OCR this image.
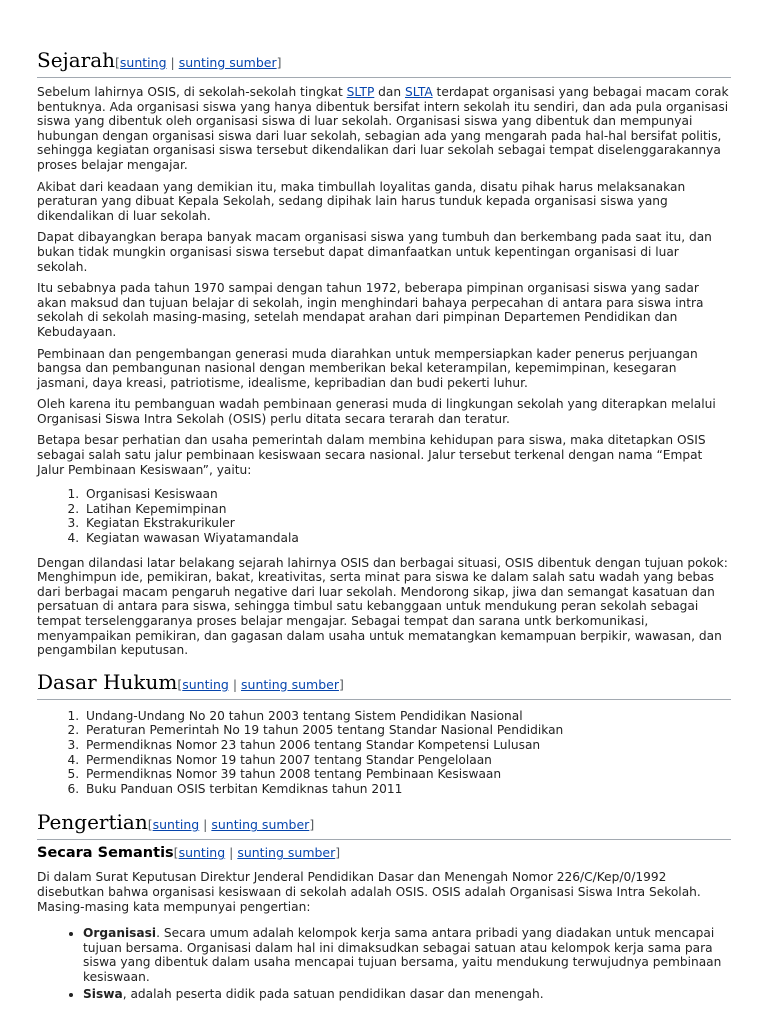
Sejarah[sunting | sunting sumber]

Sebelum lahirnya OSIS, di sekolah-sekolah tingkat SLTP dan SLTA terdapat organisasi yang bebagai macam corak bentuknya. Ada organisasi siswa yang hanya dibentuk bersifat intern sekolah itu sendiri, dan ada pula organisasi siswa yang dibentuk oleh organisasi siswa di luar sekolah. Organisasi siswa yang dibentuk dan mempunyai hubungan dengan organisasi siswa dari luar sekolah, sebagian ada yang mengarah pada hal-hal bersifat politis, sehingga kegiatan organisasi siswa tersebut dikendalikan dari luar sekolah sebagai tempat diselenggarakannya proses belajar mengajar.

Akibat dari keadaan yang demikian itu, maka timbullah loyalitas ganda, disatu pihak harus melaksanakan peraturan yang dibuat Kepala Sekolah, sedang dipihak lain harus tunduk kepada organisasi siswa yang dikendalikan di luar sekolah.

Dapat dibayangkan berapa banyak macam organisasi siswa yang tumbuh dan berkembang pada saat itu, dan bukan tidak mungkin organisasi siswa tersebut dapat dimanfaatkan untuk kepentingan organisasi di luar sekolah.

Itu sebabnya pada tahun 1970 sampai dengan tahun 1972, beberapa pimpinan organisasi siswa yang sadar akan maksud dan tujuan belajar di sekolah, ingin menghindari bahaya perpecahan di antara para siswa intra sekolah di sekolah masing-masing, setelah mendapat arahan dari pimpinan Departemen Pendidikan dan Kebudayaan.

Pembinaan dan pengembangan generasi muda diarahkan untuk mempersiapkan kader penerus perjuangan bangsa dan pembangunan nasional dengan memberikan bekal keterampilan, kepemimpinan, kesegaran jasmani, daya kreasi, patriotisme, idealisme, kepribadian dan budi pekerti luhur.

Oleh karena itu pembanguan wadah pembinaan generasi muda di lingkungan sekolah yang diterapkan melalui Organisasi Siswa Intra Sekolah (OSIS) perlu ditata secara terarah dan teratur.

Betapa besar perhatian dan usaha pemerintah dalam membina kehidupan para siswa, maka ditetapkan OSIS sebagai salah satu jalur pembinaan kesiswaan secara nasional. Jalur tersebut terkenal dengan nama “Empat Jalur Pembinaan Kesiswaan”, yaitu:

1. Organisasi Kesiswaan
2. Latihan Kepemimpinan
3. Kegiatan Ekstrakurikuler
4. Kegiatan wawasan Wiyatamandala

Dengan dilandasi latar belakang sejarah lahirnya OSIS dan berbagai situasi, OSIS dibentuk dengan tujuan pokok: Menghimpun ide, pemikiran, bakat, kreativitas, serta minat para siswa ke dalam salah satu wadah yang bebas dari berbagai macam pengaruh negative dari luar sekolah. Mendorong sikap, jiwa dan semangat kasatuan dan persatuan di antara para siswa, sehingga timbul satu kebanggaan untuk mendukung peran sekolah sebagai tempat terselenggaranya proses belajar mengajar. Sebagai tempat dan sarana untk berkomunikasi, menyampaikan pemikiran, dan gagasan dalam usaha untuk mematangkan kemampuan berpikir, wawasan, dan pengambilan keputusan.

Dasar Hukum[sunting | sunting sumber]
1. Undang-Undang No 20 tahun 2003 tentang Sistem Pendidikan Nasional
2. Peraturan Pemerintah No 19 tahun 2005 tentang Standar Nasional Pendidikan
3. Permendiknas Nomor 23 tahun 2006 tentang Standar Kompetensi Lulusan
4. Permendiknas Nomor 19 tahun 2007 tentang Standar Pengelolaan
5. Permendiknas Nomor 39 tahun 2008 tentang Pembinaan Kesiswaan
6. Buku Panduan OSIS terbitan Kemdiknas tahun 2011
Pengertian[sunting | sunting sumber]
Secara Semantis[sunting | sunting sumber]

Di dalam Surat Keputusan Direktur Jenderal Pendidikan Dasar dan Menengah Nomor 226/C/Kep/0/1992 disebutkan bahwa organisasi kesiswaan di sekolah adalah OSIS. OSIS adalah Organisasi Siswa Intra Sekolah. Masing-masing kata mempunyai pengertian:

• Organisasi. Secara umum adalah kelompok kerja sama antara pribadi yang diadakan untuk mencapai tujuan bersama. Organisasi dalam hal ini dimaksudkan sebagai satuan atau kelompok kerja sama para siswa yang dibentuk dalam usaha mencapai tujuan bersama, yaitu mendukung terwujudnya pembinaan kesiswaan.
• Siswa, adalah peserta didik pada satuan pendidikan dasar dan menengah.
